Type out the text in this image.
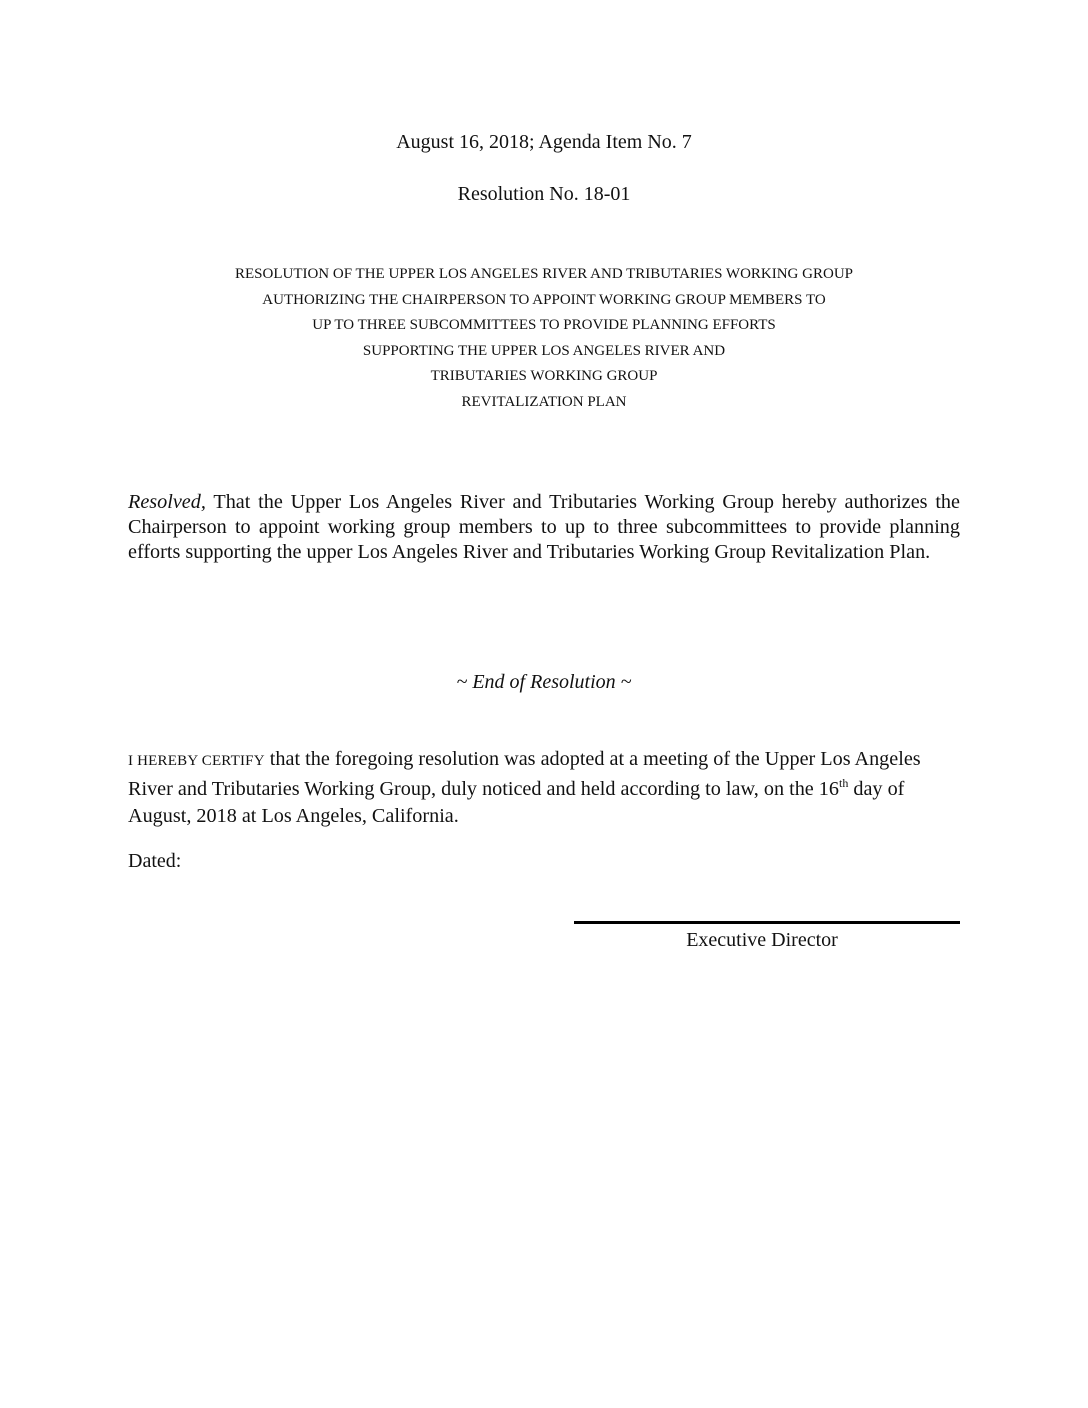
August 16, 2018; Agenda Item No. 7
Resolution No. 18-01
RESOLUTION OF THE UPPER LOS ANGELES RIVER AND TRIBUTARIES WORKING GROUP
AUTHORIZING THE CHAIRPERSON TO APPOINT WORKING GROUP MEMBERS TO
UP TO THREE SUBCOMMITTEES TO PROVIDE PLANNING EFFORTS
SUPPORTING THE UPPER LOS ANGELES RIVER AND
TRIBUTARIES WORKING GROUP
REVITALIZATION PLAN
Resolved, That the Upper Los Angeles River and Tributaries Working Group hereby authorizes the Chairperson to appoint working group members to up to three subcommittees to provide planning efforts supporting the upper Los Angeles River and Tributaries Working Group Revitalization Plan.
~ End of Resolution ~
I HEREBY CERTIFY that the foregoing resolution was adopted at a meeting of the Upper Los Angeles River and Tributaries Working Group, duly noticed and held according to law, on the 16th day of August, 2018 at Los Angeles, California.
Dated:
Executive Director
